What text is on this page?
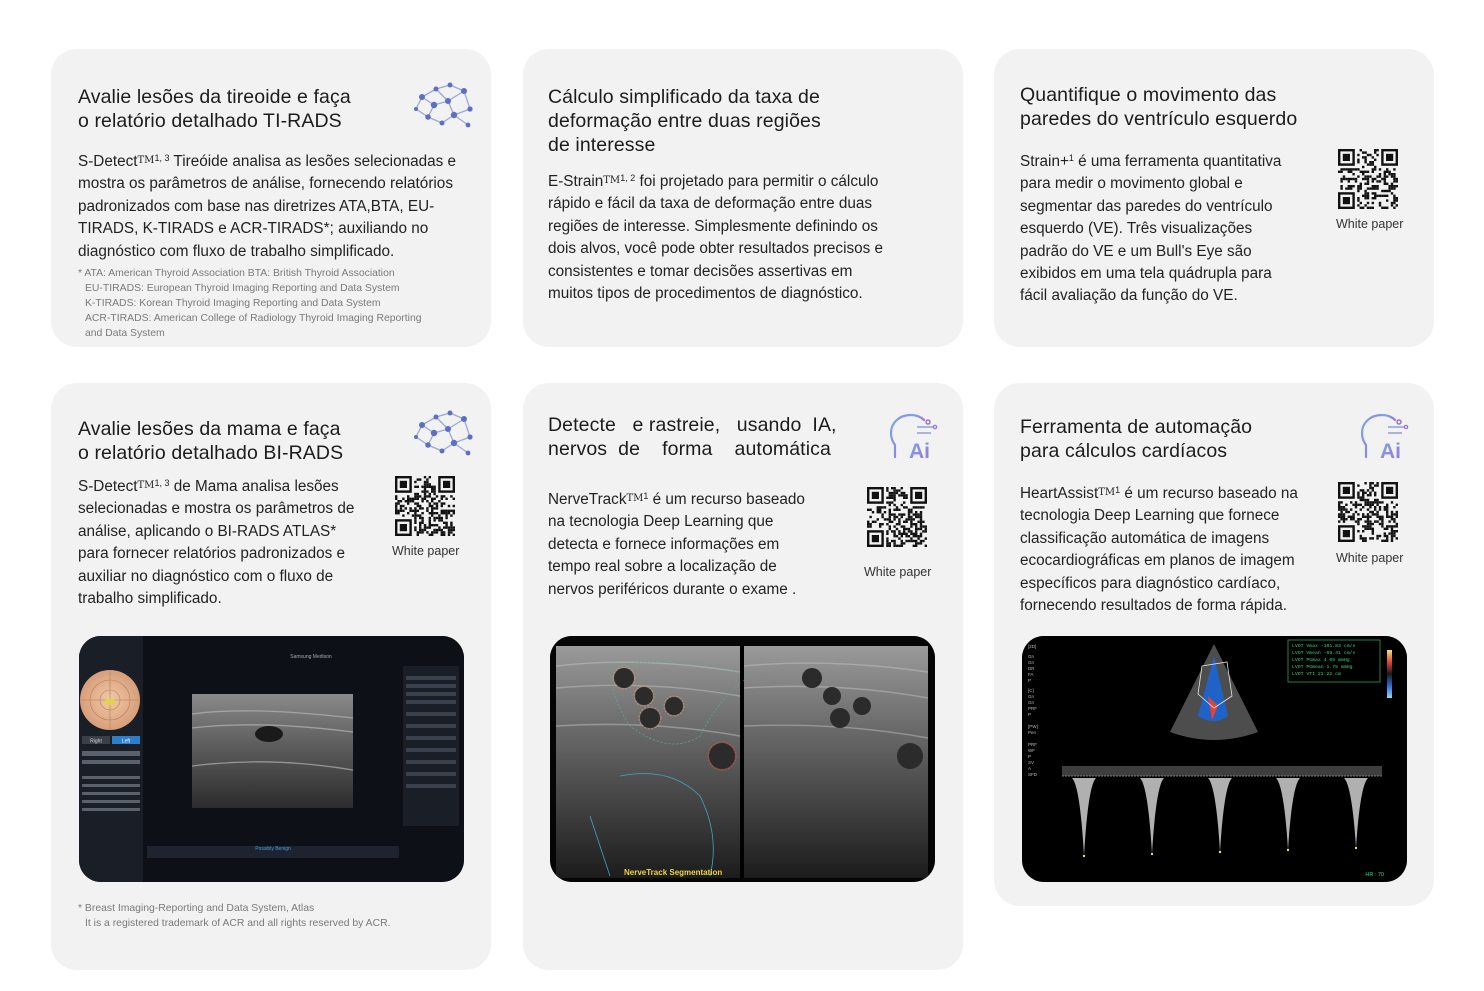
Avalie lesões da tireoide e faça
o relatório detalhado TI-RADS
S-DetectTM$^{1, 3}$ Tireóide analisa as lesões selecionadas e
mostra os parâmetros de análise, fornecendo relatórios
padronizados com base nas diretrizes ATA,BTA, EU-
TIRADS, K-TIRADS e ACR-TIRADS*; auxiliando no
diagnóstico com fluxo de trabalho simplificado.
* ATA: American Thyroid Association BTA: British Thyroid Association
EU-TIRADS: European Thyroid Imaging Reporting and Data System
K-TIRADS: Korean Thyroid Imaging Reporting and Data System
ACR-TIRADS: American College of Radiology Thyroid Imaging Reporting
and Data System
Cálculo simplificado da taxa de
deformação entre duas regiões
de interesse
E-StrainTM$^{1, 2}$ foi projetado para permitir o cálculo
rápido e fácil da taxa de deformação entre duas
regiões de interesse. Simplesmente definindo os
dois alvos, você pode obter resultados precisos e
consistentes e tomar decisões assertivas em
muitos tipos de procedimentos de diagnóstico.
Quantifique o movimento das
paredes do ventrículo esquerdo
Strain+$^1$ é uma ferramenta quantitativa
para medir o movimento global e
segmentar das paredes do ventrículo
esquerdo (VE). Três visualizações
padrão do VE e um Bull's Eye são
exibidos em uma tela quádrupla para
fácil avaliação da função do VE.
White paper
Avalie lesões da mama e faça
o relatório detalhado BI-RADS
S-DetectTM$^{1, 3}$ de Mama analisa lesões
selecionadas e mostra os parâmetros de
análise, aplicando o BI-RADS ATLAS*
para fornecer relatórios padronizados e
auxiliar no diagnóstico com o fluxo de
trabalho simplificado.
White paper
Right	Left
Samsung Medison
Possibly Benign
* Breast Imaging-Reporting and Data System, Atlas
It is a registered trademark of ACR and all rights reserved by ACR.
Detecte   e rastreie,   usando  IA,
nervos  de    forma    automática	Ai
NerveTrackTM$^1$ é um recurso baseado
na tecnologia Deep Learning que
detecta e fornece informações em
tempo real sobre a localização de
nervos periféricos durante o exame .
White paper
NerveTrack Segmentation
Ferramenta de automação
para cálculos cardíacos	Ai
HeartAssistTM$^1$ é um recurso baseado na
tecnologia Deep Learning que fornece
classificação automática de imagens
ecocardiográficas em planos de imagem
específicos para diagnóstico cardíaco,
fornecendo resultados de forma rápida.
White paper
LVOT Vmax -101.83 cm/s
LVOT Vmean -69.41 cm/s
LVOT PGmax 4.05 mmHg
LVOT PGmean 1.75 mmHg
LVOT VTI 21.22 cm
[2D]
Gn
Gn
DR
FA
P
[C]
Gn
Gn
PRF
P
[PW]
Pen
PRF
WF
P
SV
A
SFD
HR : 70
